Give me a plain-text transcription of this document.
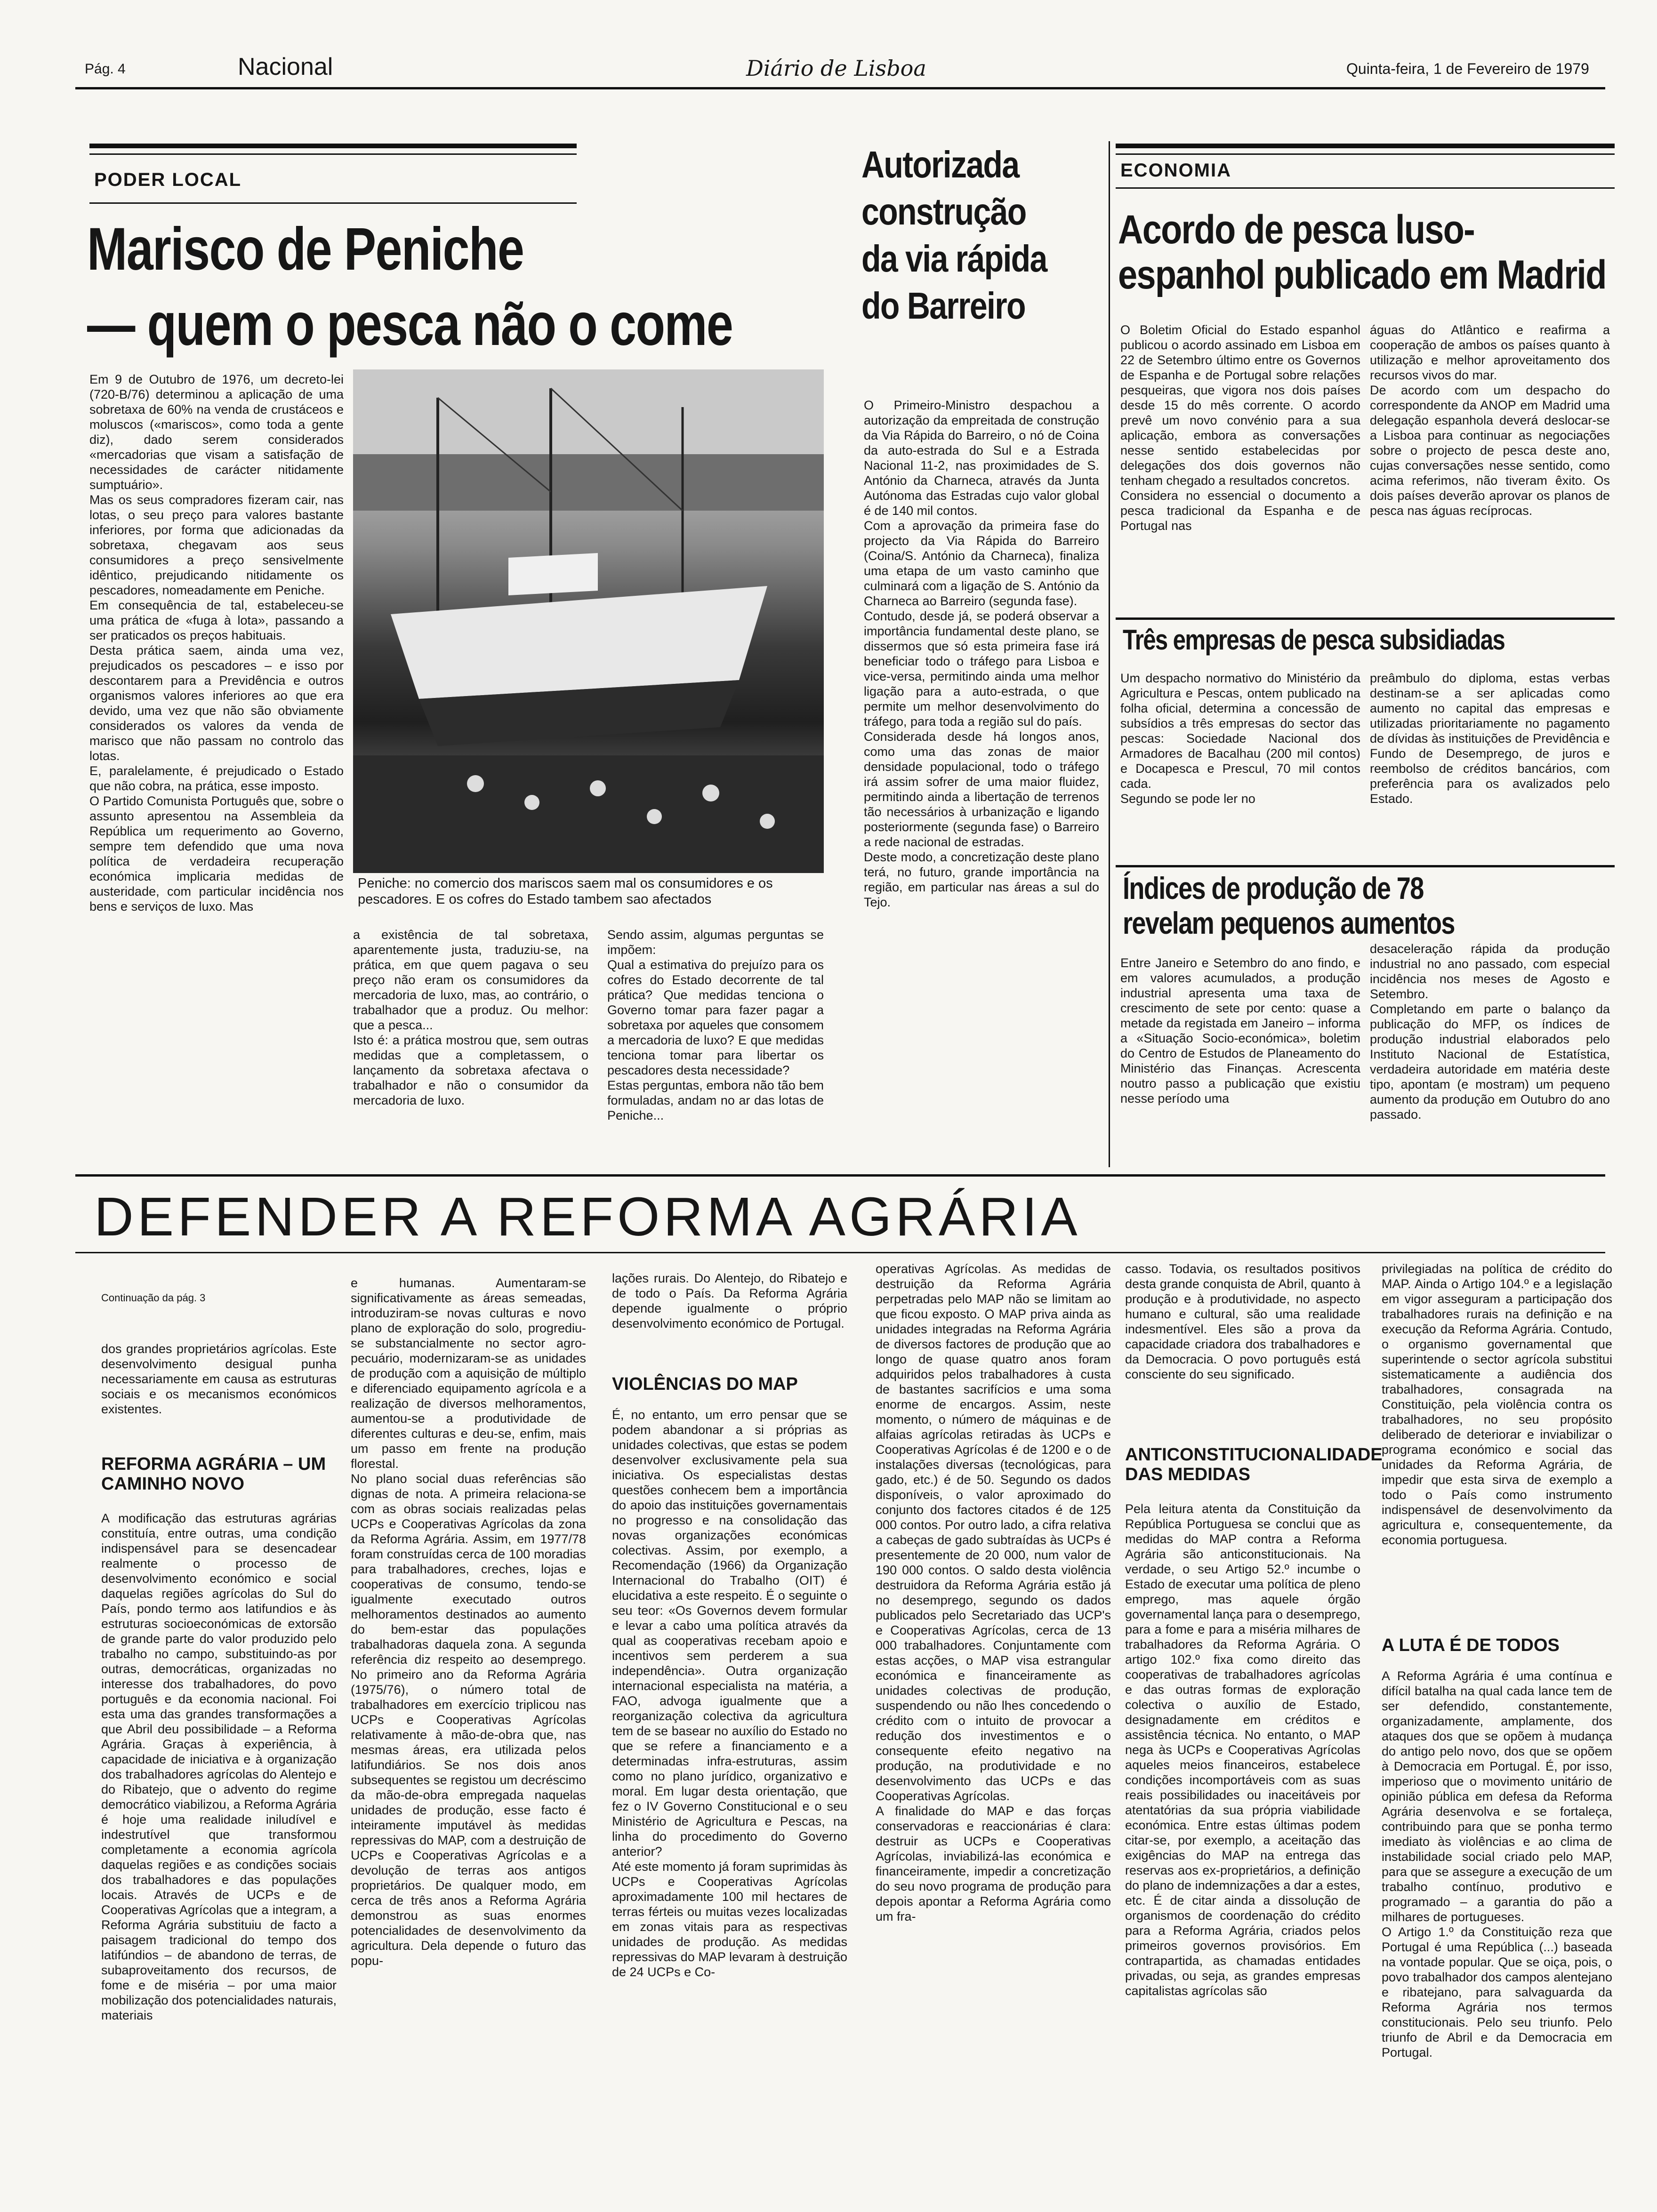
Pág. 4	Nacional	Diário de Lisboa	Quinta-feira, 1 de Fevereiro de 1979
PODER LOCAL
Marisco de Peniche
— quem o pesca não o come
Em 9 de Outubro de 1976, um decreto-lei (720-B/76) determinou a aplicação de uma sobretaxa de 60% na venda de crustáceos e moluscos («mariscos», como toda a gente diz), dado serem considerados «mercadorias que visam a satisfação de necessidades de carácter nitidamente sumptuário».
Mas os seus compradores fizeram cair, nas lotas, o seu preço para valores bastante inferiores, por forma que adicionadas da sobretaxa, chegavam aos seus consumidores a preço sensivelmente idêntico, prejudicando nitidamente os pescadores, nomeadamente em Peniche.
Em consequência de tal, estabeleceu-se uma prática de «fuga à lota», passando a ser praticados os preços habituais.
Desta prática saem, ainda uma vez, prejudicados os pescadores – e isso por descontarem para a Previdência e outros organismos valores inferiores ao que era devido, uma vez que não são obviamente considerados os valores da venda de marisco que não passam no controlo das lotas.
E, paralelamente, é prejudicado o Estado que não cobra, na prática, esse imposto.
O Partido Comunista Português que, sobre o assunto apresentou na Assembleia da República um requerimento ao Governo, sempre tem defendido que uma nova política de verdadeira recuperação económica implicaria medidas de austeridade, com particular incidência nos bens e serviços de luxo. Mas
Peniche: no comercio dos mariscos saem mal os consumidores e os pescadores. E os cofres do Estado tambem sao afectados
a existência de tal sobretaxa, aparentemente justa, traduziu-se, na prática, em que quem pagava o seu preço não eram os consumidores da mercadoria de luxo, mas, ao contrário, o trabalhador que a produz. Ou melhor: que a pesca...
Isto é: a prática mostrou que, sem outras medidas que a completassem, o lançamento da sobretaxa afectava o trabalhador e não o consumidor da mercadoria de luxo.
Sendo assim, algumas perguntas se impõem:
Qual a estimativa do prejuízo para os cofres do Estado decorrente de tal prática? Que medidas tenciona o Governo tomar para fazer pagar a sobretaxa por aqueles que consomem a mercadoria de luxo? E que medidas tenciona tomar para libertar os pescadores desta necessidade?
Estas perguntas, embora não tão bem formuladas, andam no ar das lotas de Peniche...
Autorizada construção da via rápida do Barreiro
O Primeiro-Ministro despachou a autorização da empreitada de construção da Via Rápida do Barreiro, o nó de Coina da auto-estrada do Sul e a Estrada Nacional 11-2, nas proximidades de S. António da Charneca, através da Junta Autónoma das Estradas cujo valor global é de 140 mil contos.
Com a aprovação da primeira fase do projecto da Via Rápida do Barreiro (Coina/S. António da Charneca), finaliza uma etapa de um vasto caminho que culminará com a ligação de S. António da Charneca ao Barreiro (segunda fase).
Contudo, desde já, se poderá observar a importância fundamental deste plano, se dissermos que só esta primeira fase irá beneficiar todo o tráfego para Lisboa e vice-versa, permitindo ainda uma melhor ligação para a auto-estrada, o que permite um melhor desenvolvimento do tráfego, para toda a região sul do país.
Considerada desde há longos anos, como uma das zonas de maior densidade populacional, todo o tráfego irá assim sofrer de uma maior fluidez, permitindo ainda a libertação de terrenos tão necessários à urbanização e ligando posteriormente (segunda fase) o Barreiro a rede nacional de estradas.
Deste modo, a concretização deste plano terá, no futuro, grande importância na região, em particular nas áreas a sul do Tejo.
ECONOMIA
Acordo de pesca luso-espanhol publicado em Madrid
O Boletim Oficial do Estado espanhol publicou o acordo assinado em Lisboa em 22 de Setembro último entre os Governos de Espanha e de Portugal sobre relações pesqueiras, que vigora nos dois países desde 15 do mês corrente. O acordo prevê um novo convénio para a sua aplicação, embora as conversações nesse sentido estabelecidas por delegações dos dois governos não tenham chegado a resultados concretos.
Considera no essencial o documento a pesca tradicional da Espanha e de Portugal nas
águas do Atlântico e reafirma a cooperação de ambos os países quanto à utilização e melhor aproveitamento dos recursos vivos do mar.
De acordo com um despacho do correspondente da ANOP em Madrid uma delegação espanhola deverá deslocar-se a Lisboa para continuar as negociações sobre o projecto de pesca deste ano, cujas conversações nesse sentido, como acima referimos, não tiveram êxito. Os dois países deverão aprovar os planos de pesca nas águas recíprocas.
Três empresas de pesca subsidiadas
Um despacho normativo do Ministério da Agricultura e Pescas, ontem publicado na folha oficial, determina a concessão de subsídios a três empresas do sector das pescas: Sociedade Nacional dos Armadores de Bacalhau (200 mil contos) e Docapesca e Prescul, 70 mil contos cada.
Segundo se pode ler no
preâmbulo do diploma, estas verbas destinam-se a ser aplicadas como aumento no capital das empresas e utilizadas prioritariamente no pagamento de dívidas às instituições de Previdência e Fundo de Desemprego, de juros e reembolso de créditos bancários, com preferência para os avalizados pelo Estado.
Índices de produção de 78
revelam pequenos aumentos
Entre Janeiro e Setembro do ano findo, e em valores acumulados, a produção industrial apresenta uma taxa de crescimento de sete por cento: quase a metade da registada em Janeiro – informa a «Situação Socio-económica», boletim do Centro de Estudos de Planeamento do Ministério das Finanças. Acrescenta noutro passo a publicação que existiu nesse período uma
desaceleração rápida da produção industrial no ano passado, com especial incidência nos meses de Agosto e Setembro.
Completando em parte o balanço da publicação do MFP, os índices de produção industrial elaborados pelo Instituto Nacional de Estatística, verdadeira autoridade em matéria deste tipo, apontam (e mostram) um pequeno aumento da produção em Outubro do ano passado.
DEFENDER A REFORMA AGRÁRIA
Continuação da pág. 3
dos grandes proprietários agrícolas. Este desenvolvimento desigual punha necessariamente em causa as estruturas sociais e os mecanismos económicos existentes.
REFORMA AGRÁRIA – UM CAMINHO NOVO
A modificação das estruturas agrárias constituía, entre outras, uma condição indispensável para se desencadear realmente o processo de desenvolvimento económico e social daquelas regiões agrícolas do Sul do País, pondo termo aos latifundios e às estruturas socioeconómicas de extorsão de grande parte do valor produzido pelo trabalho no campo, substituindo-as por outras, democráticas, organizadas no interesse dos trabalhadores, do povo português e da economia nacional. Foi esta uma das grandes transformações a que Abril deu possibilidade – a Reforma Agrária. Graças à experiência, à capacidade de iniciativa e à organização dos trabalhadores agrícolas do Alentejo e do Ribatejo, que o advento do regime democrático viabilizou, a Reforma Agrária é hoje uma realidade iniludível e indestrutível que transformou completamente a economia agrícola daquelas regiões e as condições sociais dos trabalhadores e das populações locais. Através de UCPs e de Cooperativas Agrícolas que a integram, a Reforma Agrária substituiu de facto a paisagem tradicional do tempo dos latifúndios – de abandono de terras, de subaproveitamento dos recursos, de fome e de miséria – por uma maior mobilização dos potencialidades naturais, materiais
e humanas. Aumentaram-se significativamente as áreas semeadas, introduziram-se novas culturas e novo plano de exploração do solo, progrediu-se substancialmente no sector agro-pecuário, modernizaram-se as unidades de produção com a aquisição de múltiplo e diferenciado equipamento agrícola e a realização de diversos melhoramentos, aumentou-se a produtividade de diferentes culturas e deu-se, enfim, mais um passo em frente na produção florestal.
No plano social duas referências são dignas de nota. A primeira relaciona-se com as obras sociais realizadas pelas UCPs e Cooperativas Agrícolas da zona da Reforma Agrária. Assim, em 1977/78 foram construídas cerca de 100 moradias para trabalhadores, creches, lojas e cooperativas de consumo, tendo-se igualmente executado outros melhoramentos destinados ao aumento do bem-estar das populações trabalhadoras daquela zona. A segunda referência diz respeito ao desemprego. No primeiro ano da Reforma Agrária (1975/76), o número total de trabalhadores em exercício triplicou nas UCPs e Cooperativas Agrícolas relativamente à mão-de-obra que, nas mesmas áreas, era utilizada pelos latifundiários. Se nos dois anos subsequentes se registou um decréscimo da mão-de-obra empregada naquelas unidades de produção, esse facto é inteiramente imputável às medidas repressivas do MAP, com a destruição de UCPs e Cooperativas Agrícolas e a devolução de terras aos antigos proprietários. De qualquer modo, em cerca de três anos a Reforma Agrária demonstrou as suas enormes potencialidades de desenvolvimento da agricultura. Dela depende o futuro das popu-
lações rurais. Do Alentejo, do Ribatejo e de todo o País. Da Reforma Agrária depende igualmente o próprio desenvolvimento económico de Portugal.
VIOLÊNCIAS DO MAP
É, no entanto, um erro pensar que se podem abandonar a si próprias as unidades colectivas, que estas se podem desenvolver exclusivamente pela sua iniciativa. Os especialistas destas questões conhecem bem a importância do apoio das instituições governamentais no progresso e na consolidação das novas organizações económicas colectivas. Assim, por exemplo, a Recomendação (1966) da Organização Internacional do Trabalho (OIT) é elucidativa a este respeito. É o seguinte o seu teor: «Os Governos devem formular e levar a cabo uma política através da qual as cooperativas recebam apoio e incentivos sem perderem a sua independência». Outra organização internacional especialista na matéria, a FAO, advoga igualmente que a reorganização colectiva da agricultura tem de se basear no auxílio do Estado no que se refere a financiamento e a determinadas infra-estruturas, assim como no plano jurídico, organizativo e moral. Em lugar desta orientação, que fez o IV Governo Constitucional e o seu Ministério de Agricultura e Pescas, na linha do procedimento do Governo anterior?
Até este momento já foram suprimidas às UCPs e Cooperativas Agrícolas aproximadamente 100 mil hectares de terras férteis ou muitas vezes localizadas em zonas vitais para as respectivas unidades de produção. As medidas repressivas do MAP levaram à destruição de 24 UCPs e Co-
operativas Agrícolas. As medidas de destruição da Reforma Agrária perpetradas pelo MAP não se limitam ao que ficou exposto. O MAP priva ainda as unidades integradas na Reforma Agrária de diversos factores de produção que ao longo de quase quatro anos foram adquiridos pelos trabalhadores à custa de bastantes sacrifícios e uma soma enorme de encargos. Assim, neste momento, o número de máquinas e de alfaias agrícolas retiradas às UCPs e Cooperativas Agrícolas é de 1200 e o de instalações diversas (tecnológicas, para gado, etc.) é de 50. Segundo os dados disponíveis, o valor aproximado do conjunto dos factores citados é de 125 000 contos. Por outro lado, a cifra relativa a cabeças de gado subtraídas às UCPs é presentemente de 20 000, num valor de 190 000 contos. O saldo desta violência destruidora da Reforma Agrária estão já no desemprego, segundo os dados publicados pelo Secretariado das UCP's e Cooperativas Agrícolas, cerca de 13 000 trabalhadores. Conjuntamente com estas acções, o MAP visa estrangular económica e financeiramente as unidades colectivas de produção, suspendendo ou não lhes concedendo o crédito com o intuito de provocar a redução dos investimentos e o consequente efeito negativo na produção, na produtividade e no desenvolvimento das UCPs e das Cooperativas Agrícolas.
A finalidade do MAP e das forças conservadoras e reaccionárias é clara: destruir as UCPs e Cooperativas Agrícolas, inviabilizá-las económica e financeiramente, impedir a concretização do seu novo programa de produção para depois apontar a Reforma Agrária como um fra-
casso. Todavia, os resultados positivos desta grande conquista de Abril, quanto à produção e à produtividade, no aspecto humano e cultural, são uma realidade indesmentível. Eles são a prova da capacidade criadora dos trabalhadores e da Democracia. O povo português está consciente do seu significado.
ANTICONSTITUCIONALIDADE DAS MEDIDAS
Pela leitura atenta da Constituição da República Portuguesa se conclui que as medidas do MAP contra a Reforma Agrária são anticonstitucionais. Na verdade, o seu Artigo 52.º incumbe o Estado de executar uma política de pleno emprego, mas aquele órgão governamental lança para o desemprego, para a fome e para a miséria milhares de trabalhadores da Reforma Agrária. O artigo 102.º fixa como direito das cooperativas de trabalhadores agrícolas e das outras formas de exploração colectiva o auxílio de Estado, designadamente em créditos e assistência técnica. No entanto, o MAP nega às UCPs e Cooperativas Agrícolas aqueles meios financeiros, estabelece condições incomportáveis com as suas reais possibilidades ou inaceitáveis por atentatórias da sua própria viabilidade económica. Entre estas últimas podem citar-se, por exemplo, a aceitação das exigências do MAP na entrega das reservas aos ex-proprietários, a definição do plano de indemnizações a dar a estes, etc. É de citar ainda a dissolução de organismos de coordenação do crédito para a Reforma Agrária, criados pelos primeiros governos provisórios. Em contrapartida, as chamadas entidades privadas, ou seja, as grandes empresas capitalistas agrícolas são
privilegiadas na política de crédito do MAP. Ainda o Artigo 104.º e a legislação em vigor asseguram a participação dos trabalhadores rurais na definição e na execução da Reforma Agrária. Contudo, o organismo governamental que superintende o sector agrícola substitui sistematicamente a audiência dos trabalhadores, consagrada na Constituição, pela violência contra os trabalhadores, no seu propósito deliberado de deteriorar e inviabilizar o programa económico e social das unidades da Reforma Agrária, de impedir que esta sirva de exemplo a todo o País como instrumento indispensável de desenvolvimento da agricultura e, consequentemente, da economia portuguesa.
A LUTA É DE TODOS
A Reforma Agrária é uma contínua e difícil batalha na qual cada lance tem de ser defendido, constantemente, organizadamente, amplamente, dos ataques dos que se opõem à mudança do antigo pelo novo, dos que se opõem à Democracia em Portugal. É, por isso, imperioso que o movimento unitário de opinião pública em defesa da Reforma Agrária desenvolva e se fortaleça, contribuindo para que se ponha termo imediato às violências e ao clima de instabilidade social criado pelo MAP, para que se assegure a execução de um trabalho contínuo, produtivo e programado – a garantia do pão a milhares de portugueses.
O Artigo 1.º da Constituição reza que Portugal é uma República (...) baseada na vontade popular. Que se oiça, pois, o povo trabalhador dos campos alentejano e ribatejano, para salvaguarda da Reforma Agrária nos termos constitucionais. Pelo seu triunfo. Pelo triunfo de Abril e da Democracia em Portugal.
